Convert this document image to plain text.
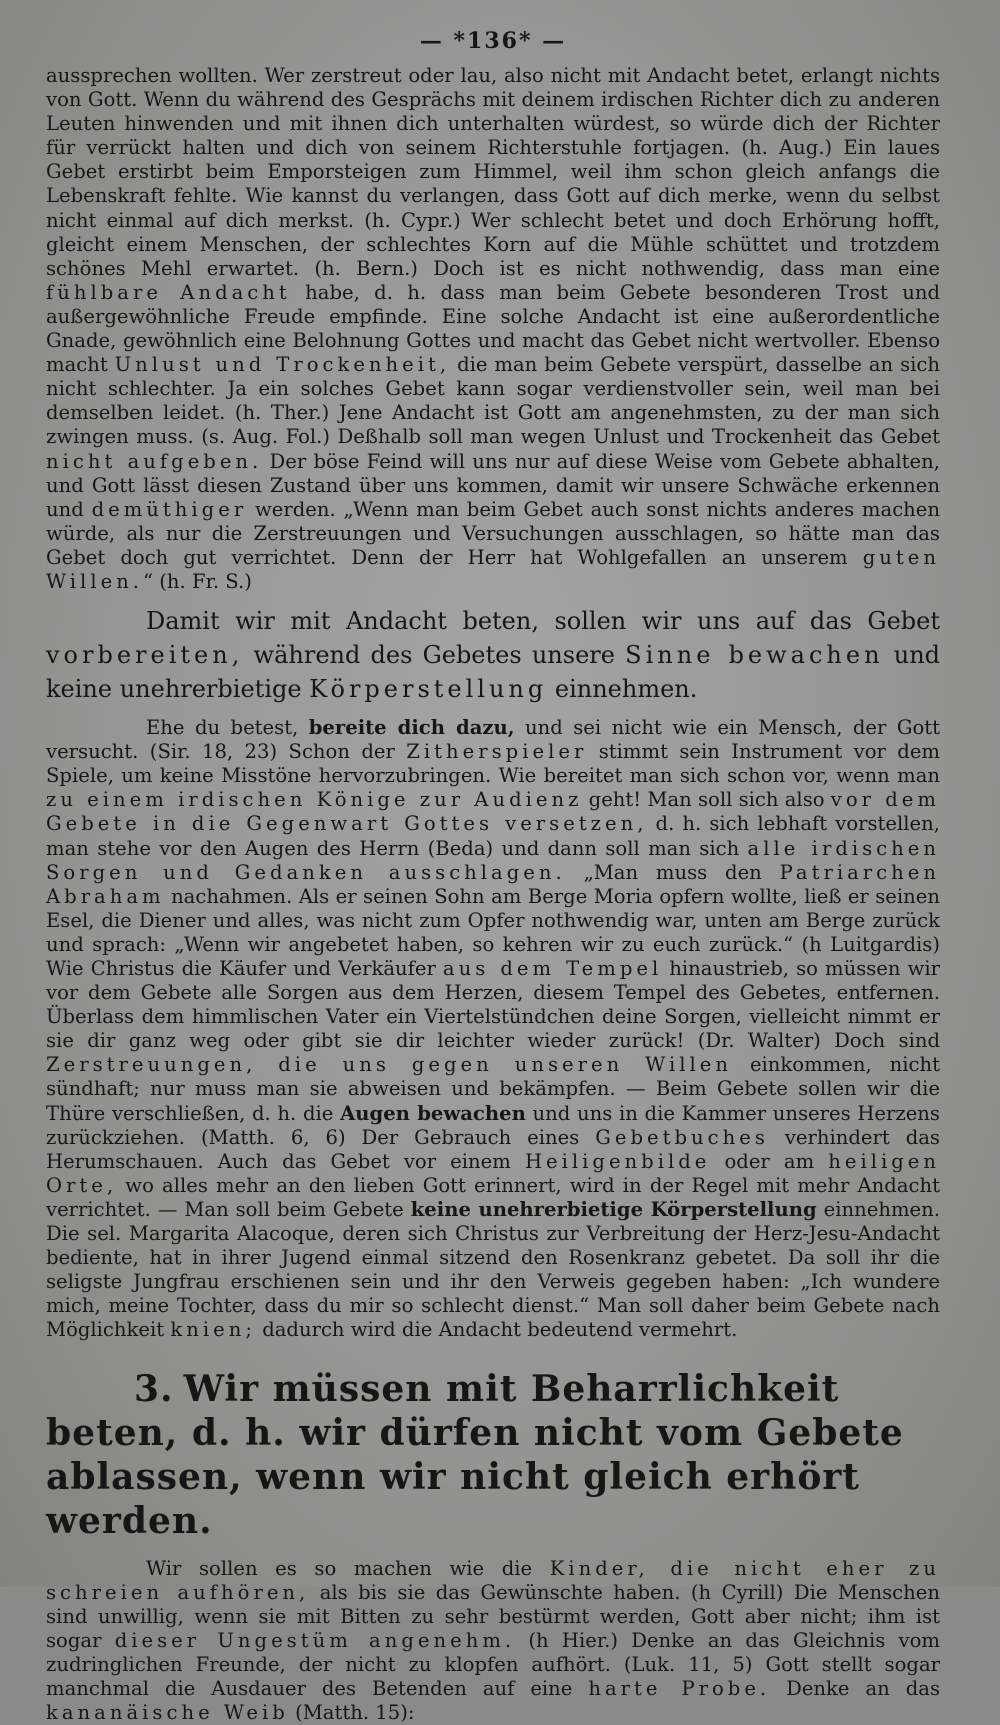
— *136* —

aussprechen wollten. Wer zerstreut oder lau, also nicht mit Andacht betet, erlangt nichts von Gott. Wenn du während des Gesprächs mit deinem irdischen Richter dich zu anderen Leuten hinwenden und mit ihnen dich unterhalten würdest, so würde dich der Richter für verrückt halten und dich von seinem Richterstuhle fortjagen. (h. Aug.) Ein laues Gebet erstirbt beim Emporsteigen zum Himmel, weil ihm schon gleich anfangs die Lebenskraft fehlte. Wie kannst du verlangen, dass Gott auf dich merke, wenn du selbst nicht einmal auf dich merkst. (h. Cypr.) Wer schlecht betet und doch Erhörung hofft, gleicht einem Menschen, der schlechtes Korn auf die Mühle schüttet und trotzdem schönes Mehl erwartet. (h. Bern.) Doch ist es nicht nothwendig, dass man eine fühlbare Andacht habe, d. h. dass man beim Gebete besonderen Trost und außergewöhnliche Freude empfinde. Eine solche Andacht ist eine außerordentliche Gnade, gewöhnlich eine Belohnung Gottes und macht das Gebet nicht wertvoller. Ebenso macht Unlust und Trockenheit, die man beim Gebete verspürt, dasselbe an sich nicht schlechter. Ja ein solches Gebet kann sogar verdienstvoller sein, weil man bei demselben leidet. (h. Ther.) Jene Andacht ist Gott am angenehmsten, zu der man sich zwingen muss. (s. Aug. Fol.) Deßhalb soll man wegen Unlust und Trockenheit das Gebet nicht aufgeben. Der böse Feind will uns nur auf diese Weise vom Gebete abhalten, und Gott lässt diesen Zustand über uns kommen, damit wir unsere Schwäche erkennen und demüthiger werden. „Wenn man beim Gebet auch sonst nichts anderes machen würde, als nur die Zerstreuungen und Versuchungen ausschlagen, so hätte man das Gebet doch gut verrichtet. Denn der Herr hat Wohlgefallen an unserem guten Willen.“ (h. Fr. S.)

Damit wir mit Andacht beten, sollen wir uns auf das Gebet vorbereiten, während des Gebetes unsere Sinne bewachen und keine unehrerbietige Körperstellung einnehmen.

Ehe du betest, bereite dich dazu, und sei nicht wie ein Mensch, der Gott versucht. (Sir. 18, 23) Schon der Zitherspieler stimmt sein Instrument vor dem Spiele, um keine Misstöne hervorzubringen. Wie bereitet man sich schon vor, wenn man zu einem irdischen Könige zur Audienz geht! Man soll sich also vor dem Gebete in die Gegenwart Gottes versetzen, d. h. sich lebhaft vorstellen, man stehe vor den Augen des Herrn (Beda) und dann soll man sich alle irdischen Sorgen und Gedanken ausschlagen. „Man muss den Patriarchen Abraham nachahmen. Als er seinen Sohn am Berge Moria opfern wollte, ließ er seinen Esel, die Diener und alles, was nicht zum Opfer nothwendig war, unten am Berge zurück und sprach: „Wenn wir angebetet haben, so kehren wir zu euch zurück.“ (h Luitgardis) Wie Christus die Käufer und Verkäufer aus dem Tempel hinaustrieb, so müssen wir vor dem Gebete alle Sorgen aus dem Herzen, diesem Tempel des Gebetes, entfernen. Überlass dem himmlischen Vater ein Viertelstündchen deine Sorgen, vielleicht nimmt er sie dir ganz weg oder gibt sie dir leichter wieder zurück! (Dr. Walter) Doch sind Zerstreuungen, die uns gegen unseren Willen einkommen, nicht sündhaft; nur muss man sie abweisen und bekämpfen. — Beim Gebete sollen wir die Thüre verschließen, d. h. die Augen bewachen und uns in die Kammer unseres Herzens zurückziehen. (Matth. 6, 6) Der Gebrauch eines Gebetbuches verhindert das Herumschauen. Auch das Gebet vor einem Heiligenbilde oder am heiligen Orte, wo alles mehr an den lieben Gott erinnert, wird in der Regel mit mehr Andacht verrichtet. — Man soll beim Gebete keine unehrerbietige Körperstellung einnehmen. Die sel. Margarita Alacoque, deren sich Christus zur Verbreitung der Herz-Jesu-Andacht bediente, hat in ihrer Jugend einmal sitzend den Rosenkranz gebetet. Da soll ihr die seligste Jungfrau erschienen sein und ihr den Verweis gegeben haben: „Ich wundere mich, meine Tochter, dass du mir so schlecht dienst.“ Man soll daher beim Gebete nach Möglichkeit knien; dadurch wird die Andacht bedeutend vermehrt.

3. Wir müssen mit Beharrlichkeit beten, d. h. wir dürfen nicht vom Gebete ablassen, wenn wir nicht gleich erhört werden.

Wir sollen es so machen wie die Kinder, die nicht eher zu schreien aufhören, als bis sie das Gewünschte haben. (h Cyrill) Die Menschen sind unwillig, wenn sie mit Bitten zu sehr bestürmt werden, Gott aber nicht; ihm ist sogar dieser Ungestüm angenehm. (h Hier.) Denke an das Gleichnis vom zudringlichen Freunde, der nicht zu klopfen aufhört. (Luk. 11, 5) Gott stellt sogar manchmal die Ausdauer des Betenden auf eine harte Probe. Denke an das kananäische Weib (Matth. 15):
